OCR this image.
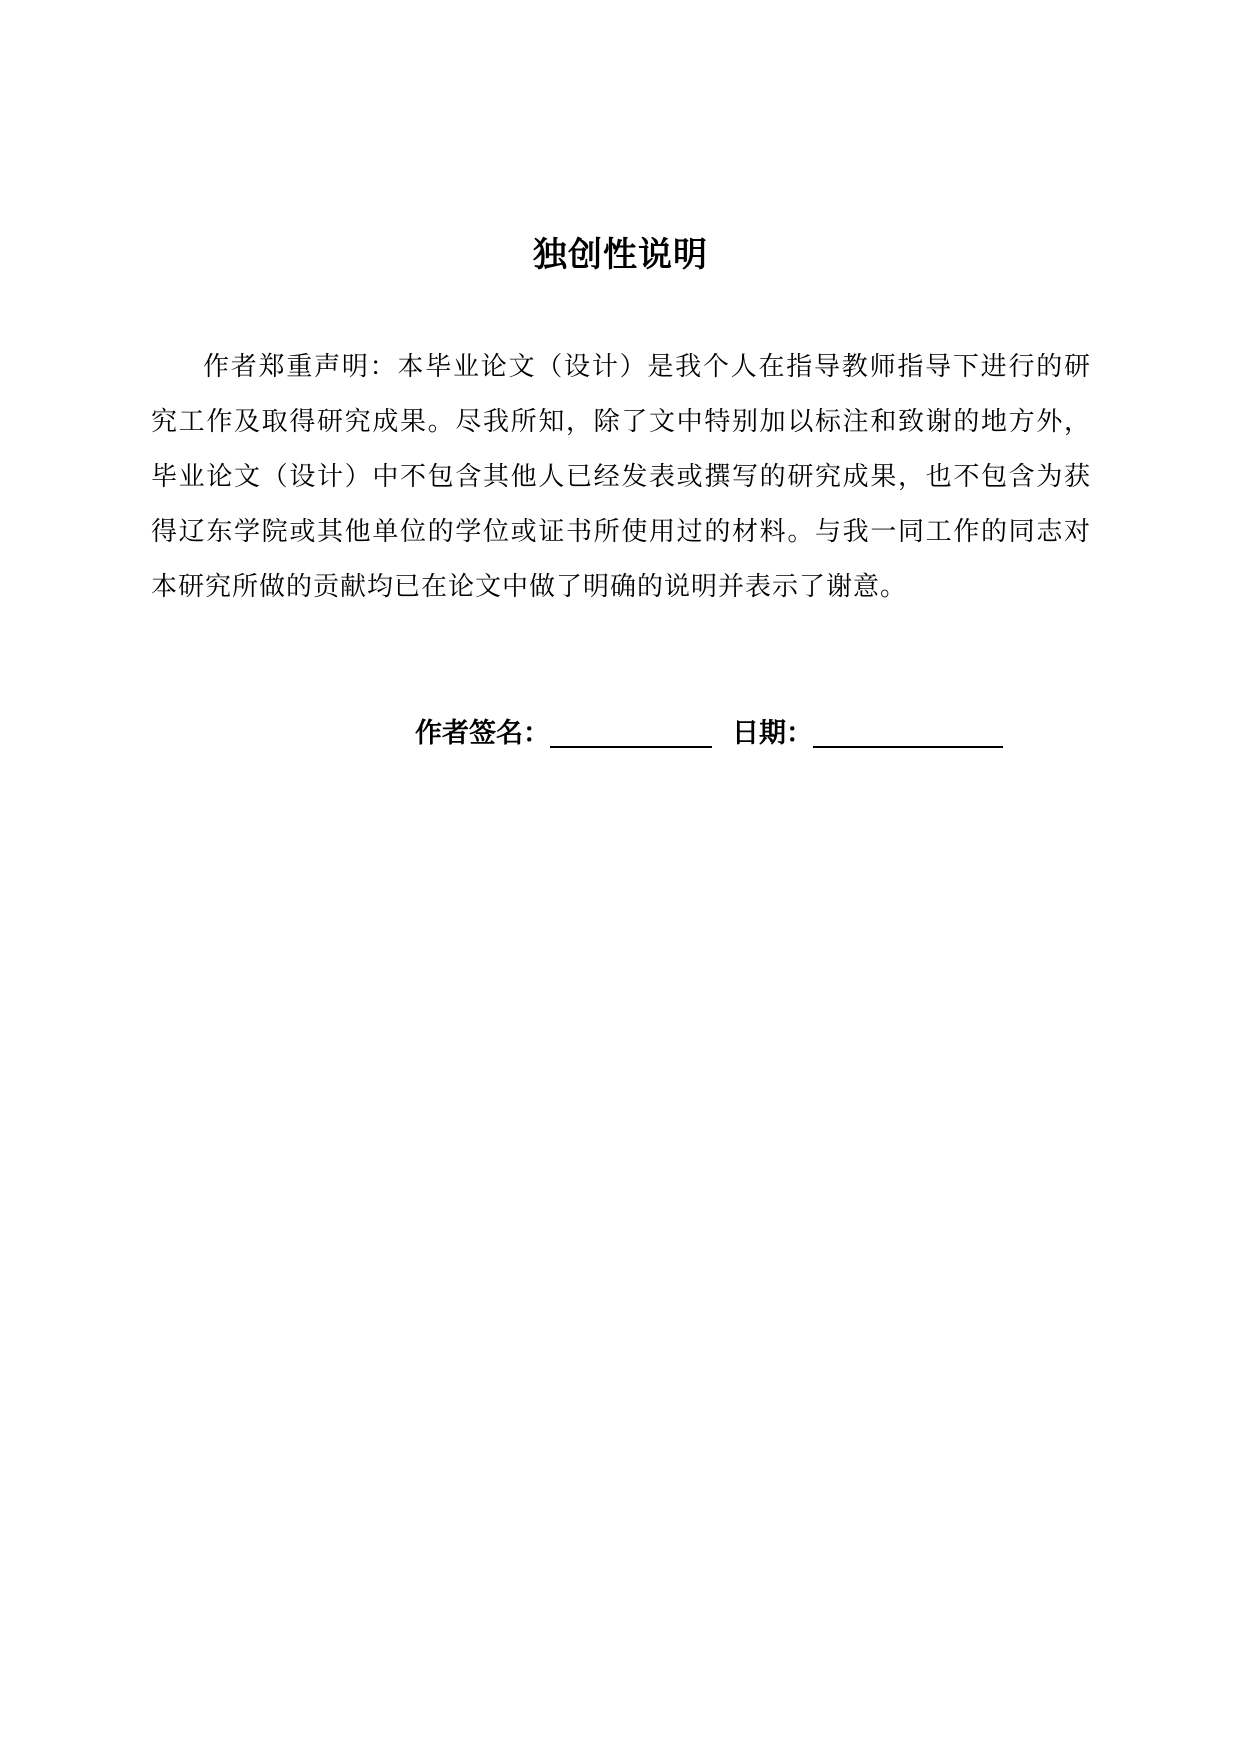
独创性说明

作者郑重声明：本毕业论文（设计）是我个人在指导教师指导下进行的研究工作及取得研究成果。尽我所知，除了文中特别加以标注和致谢的地方外，毕业论文（设计）中不包含其他人已经发表或撰写的研究成果，也不包含为获得辽东学院或其他单位的学位或证书所使用过的材料。与我一同工作的同志对本研究所做的贡献均已在论文中做了明确的说明并表示了谢意。

作者签名：	日期：
